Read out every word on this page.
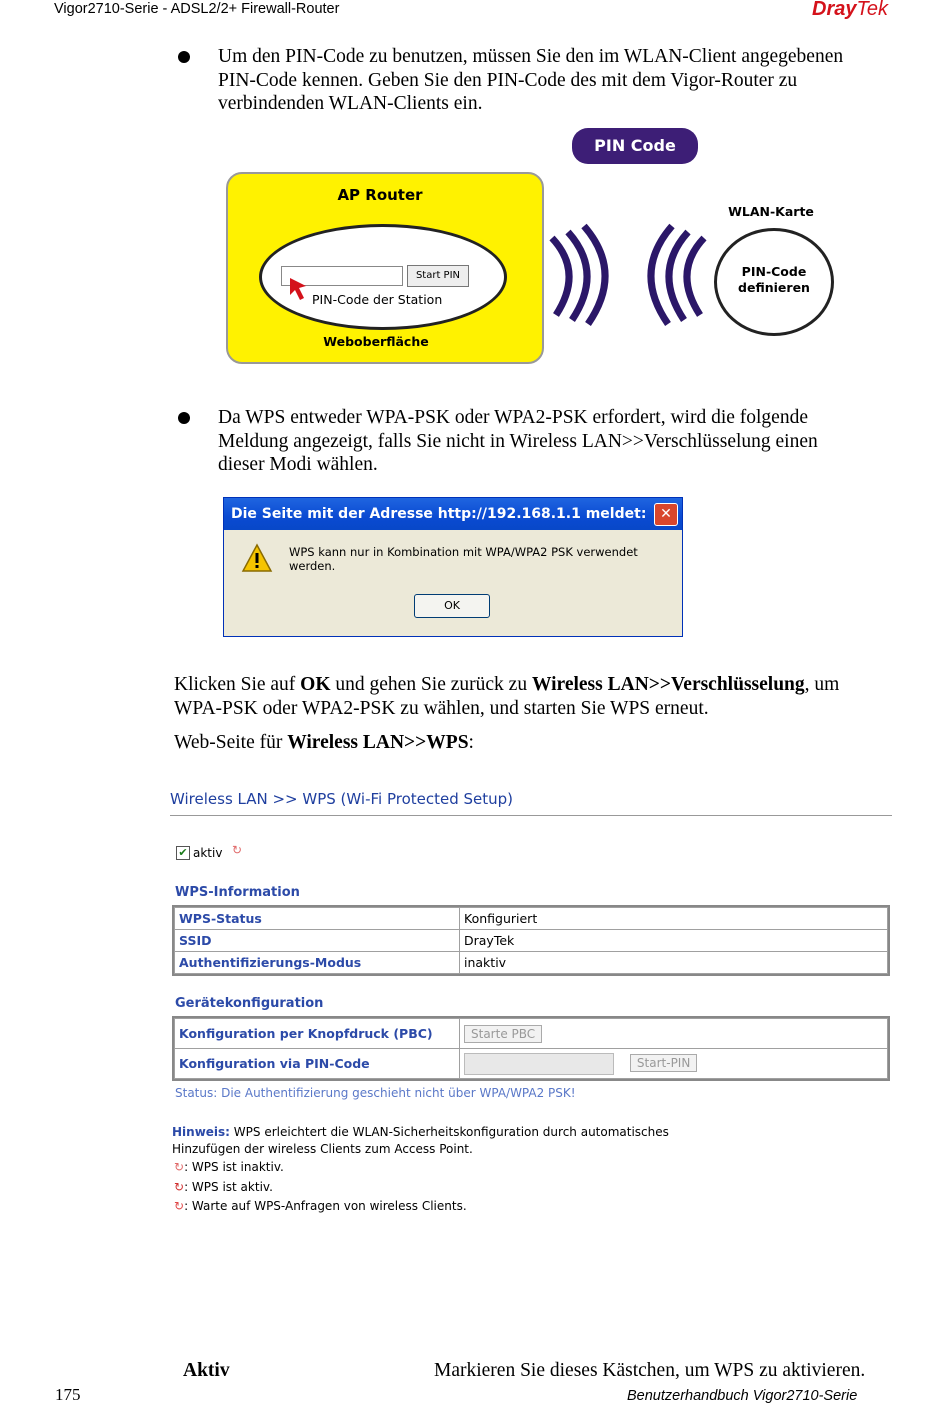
Vigor2710-Serie - ADSL2/2+ Firewall-Router	DrayTek
Um den PIN-Code zu benutzen, müssen Sie den im WLAN-Client angegebenen
PIN-Code kennen. Geben Sie den PIN-Code des mit dem Vigor-Router zu
verbindenden WLAN-Clients ein.
PIN Code
AP Router
Start PIN
PIN-Code der Station
Weboberfläche
WLAN-Karte
PIN-Code
definieren
Da WPS entweder WPA-PSK oder WPA2-PSK erfordert, wird die folgende
Meldung angezeigt, falls Sie nicht in Wireless LAN>>Verschlüsselung einen
dieser Modi wählen.
Die Seite mit der Adresse http://192.168.1.1 meldet: ✕
WPS kann nur in Kombination mit WPA/WPA2 PSK verwendet werden.
OK
Klicken Sie auf OK und gehen Sie zurück zu Wireless LAN>>Verschlüsselung, um
WPA-PSK oder WPA2-PSK zu wählen, und starten Sie WPS erneut.
Web-Seite für Wireless LAN>>WPS:
Wireless LAN >> WPS (Wi-Fi Protected Setup)
✔ aktiv ↻
WPS-Information
WPS-Status	Konfiguriert
SSID	DrayTek
Authentifizierungs-Modus	inaktiv
Gerätekonfiguration
Konfiguration per Knopfdruck (PBC)	Starte PBC
Konfiguration via PIN-Code	Start-PIN
Status: Die Authentifizierung geschieht nicht über WPA/WPA2 PSK!
Hinweis: WPS erleichtert die WLAN-Sicherheitskonfiguration durch automatisches
Hinzufügen der wireless Clients zum Access Point.
↻: WPS ist inaktiv.
↻: WPS ist aktiv.
↻: Warte auf WPS-Anfragen von wireless Clients.
Aktiv	Markieren Sie dieses Kästchen, um WPS zu aktivieren.
175	Benutzerhandbuch Vigor2710-Serie
